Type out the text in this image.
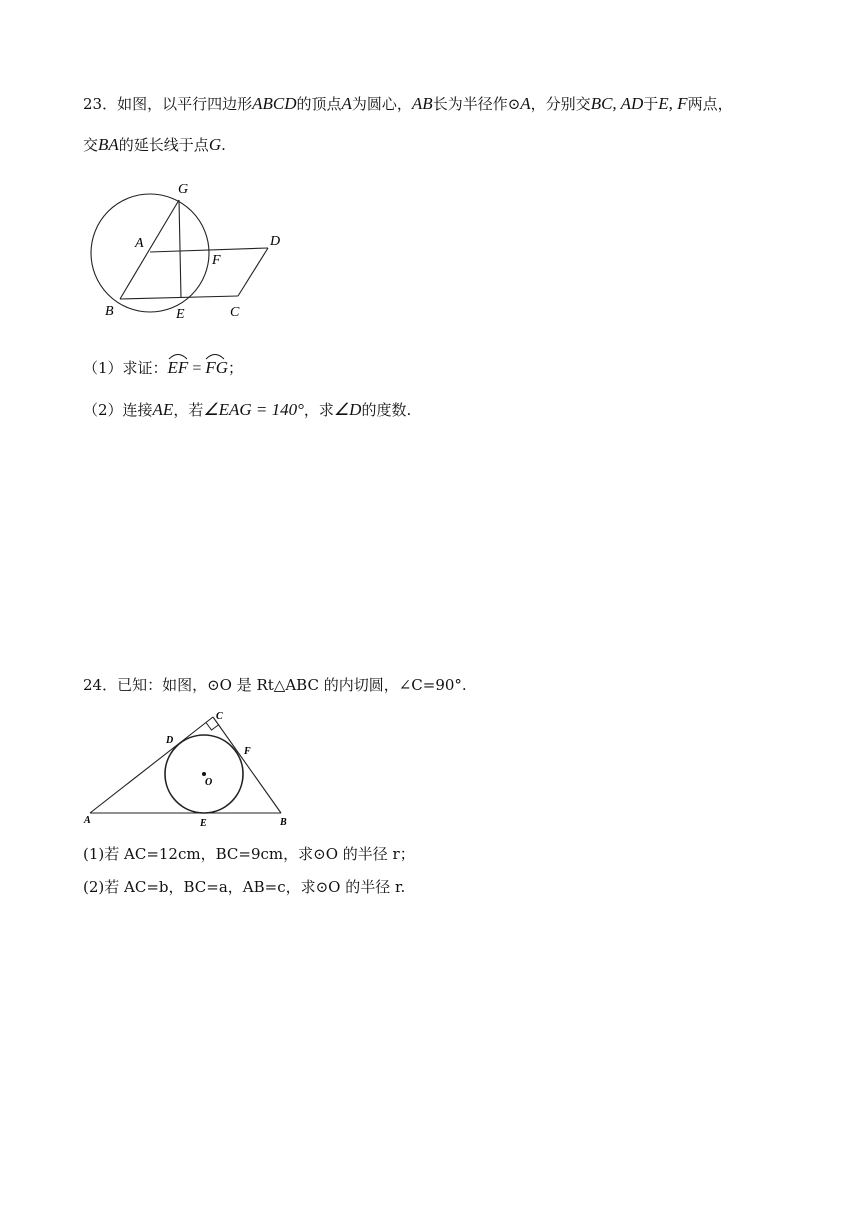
23．如图，以平行四边形ABCD的顶点A为圆心，AB长为半径作⊙A，分别交BC, AD于E, F两点，
交BA的延长线于点G.
G
A	D
F
B	E	C
（1）求证：
EF =
FG；
（2）连接AE，若∠EAG = 140°，求∠D的度数.
24．已知：如图，⊙O 是 Rt△ABC 的内切圆，∠C=90°.
C
D
F
O
A	E	B
(1)若 AC=12cm，BC=9cm，求⊙O 的半径 r；
(2)若 AC=b，BC=a，AB=c，求⊙O 的半径 r.
